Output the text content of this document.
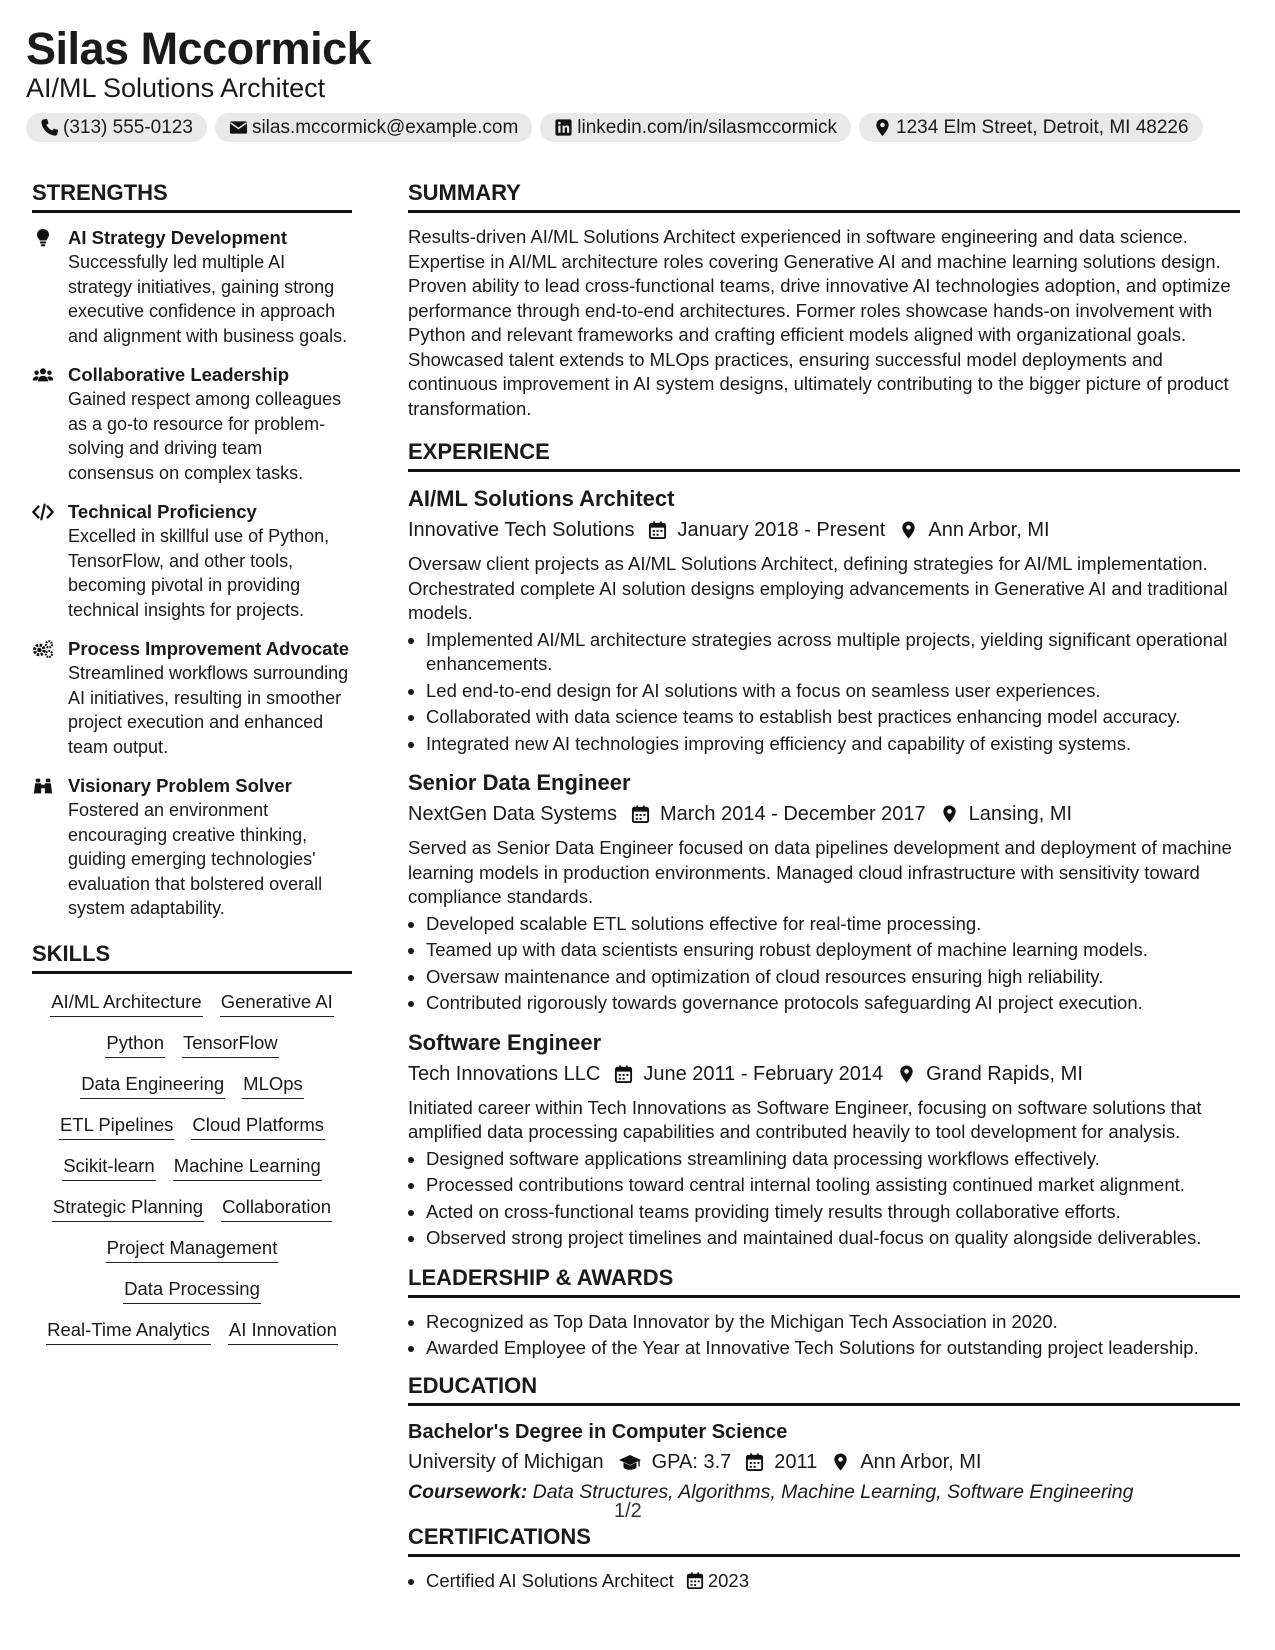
Silas Mccormick
AI/ML Solutions Architect
(313) 555-0123	silas.mccormick@example.com	linkedin.com/in/silasmccormick	1234 Elm Street, Detroit, MI 48226
STRENGTHS
AI Strategy Development
Successfully led multiple AI strategy initiatives, gaining strong executive confidence in approach and alignment with business goals.
Collaborative Leadership
Gained respect among colleagues as a go-to resource for problem-solving and driving team consensus on complex tasks.
Technical Proficiency
Excelled in skillful use of Python, TensorFlow, and other tools, becoming pivotal in providing technical insights for projects.
Process Improvement Advocate
Streamlined workflows surrounding AI initiatives, resulting in smoother project execution and enhanced team output.
Visionary Problem Solver
Fostered an environment encouraging creative thinking, guiding emerging technologies' evaluation that bolstered overall system adaptability.
SKILLS
AI/ML Architecture Generative AI
Python TensorFlow
Data Engineering MLOps
ETL Pipelines Cloud Platforms
Scikit-learn Machine Learning
Strategic Planning Collaboration
Project Management
Data Processing
Real-Time Analytics AI Innovation
SUMMARY
Results-driven AI/ML Solutions Architect experienced in software engineering and data science. Expertise in AI/ML architecture roles covering Generative AI and machine learning solutions design. Proven ability to lead cross-functional teams, drive innovative AI technologies adoption, and optimize performance through end-to-end architectures. Former roles showcase hands-on involvement with Python and relevant frameworks and crafting efficient models aligned with organizational goals. Showcased talent extends to MLOps practices, ensuring successful model deployments and continuous improvement in AI system designs, ultimately contributing to the bigger picture of product transformation.
EXPERIENCE
AI/ML Solutions Architect
Innovative Tech Solutions January 2018 - Present Ann Arbor, MI
Oversaw client projects as AI/ML Solutions Architect, defining strategies for AI/ML implementation. Orchestrated complete AI solution designs employing advancements in Generative AI and traditional models.
• Implemented AI/ML architecture strategies across multiple projects, yielding significant operational enhancements.
• Led end-to-end design for AI solutions with a focus on seamless user experiences.
• Collaborated with data science teams to establish best practices enhancing model accuracy.
• Integrated new AI technologies improving efficiency and capability of existing systems.
Senior Data Engineer
NextGen Data Systems March 2014 - December 2017 Lansing, MI
Served as Senior Data Engineer focused on data pipelines development and deployment of machine learning models in production environments. Managed cloud infrastructure with sensitivity toward compliance standards.
• Developed scalable ETL solutions effective for real-time processing.
• Teamed up with data scientists ensuring robust deployment of machine learning models.
• Oversaw maintenance and optimization of cloud resources ensuring high reliability.
• Contributed rigorously towards governance protocols safeguarding AI project execution.
Software Engineer
Tech Innovations LLC June 2011 - February 2014 Grand Rapids, MI
Initiated career within Tech Innovations as Software Engineer, focusing on software solutions that amplified data processing capabilities and contributed heavily to tool development for analysis.
• Designed software applications streamlining data processing workflows effectively.
• Processed contributions toward central internal tooling assisting continued market alignment.
• Acted on cross-functional teams providing timely results through collaborative efforts.
• Observed strong project timelines and maintained dual-focus on quality alongside deliverables.
LEADERSHIP & AWARDS
• Recognized as Top Data Innovator by the Michigan Tech Association in 2020.
• Awarded Employee of the Year at Innovative Tech Solutions for outstanding project leadership.
EDUCATION
Bachelor's Degree in Computer Science
University of Michigan GPA: 3.7 2011 Ann Arbor, MI
Coursework: Data Structures, Algorithms, Machine Learning, Software Engineering
CERTIFICATIONS
• Certified AI Solutions Architect 2023
1/2
